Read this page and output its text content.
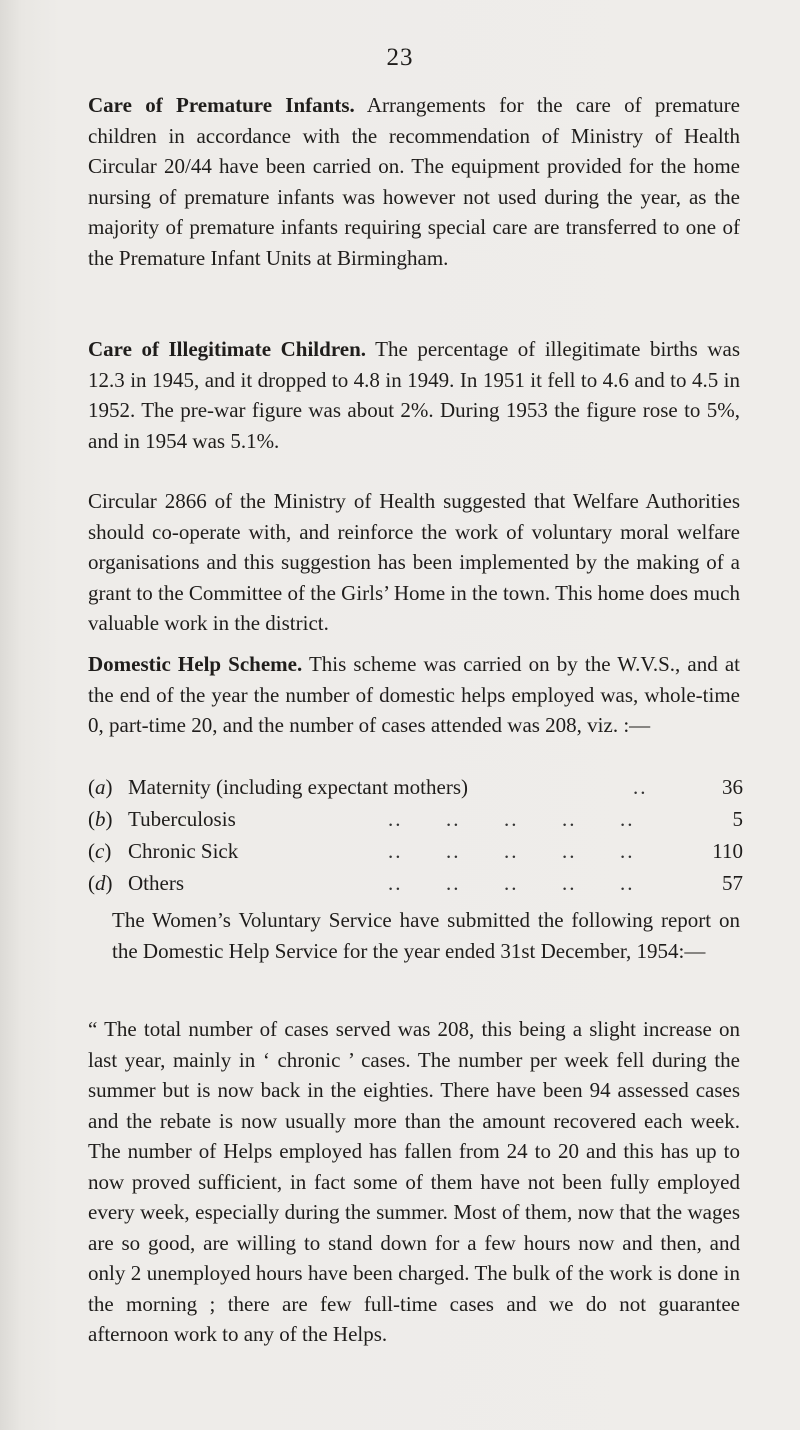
23

Care of Premature Infants. Arrangements for the care of premature children in accordance with the recommendation of Ministry of Health Circular 20/44 have been carried on. The equipment provided for the home nursing of premature infants was however not used during the year, as the majority of premature infants requiring special care are transferred to one of the Premature Infant Units at Birmingham.

Care of Illegitimate Children. The percentage of illegitimate births was 12.3 in 1945, and it dropped to 4.8 in 1949. In 1951 it fell to 4.6 and to 4.5 in 1952. The pre-war figure was about 2%. During 1953 the figure rose to 5%, and in 1954 was 5.1%.

Circular 2866 of the Ministry of Health suggested that Welfare Authorities should co-operate with, and reinforce the work of voluntary moral welfare organisations and this suggestion has been implemented by the making of a grant to the Committee of the Girls’ Home in the town. This home does much valuable work in the district.

Domestic Help Scheme. This scheme was carried on by the W.V.S., and at the end of the year the number of domestic helps employed was, whole-time 0, part-time 20, and the number of cases attended was 208, viz. :—

(a) Maternity (including expectant mothers)	..	36
(b) Tuberculosis	..      ..      ..      ..      ..	5
(c) Chronic Sick	..      ..      ..      ..      ..	110
(d) Others	..      ..      ..      ..      ..	57

The Women’s Voluntary Service have submitted the following report on the Domestic Help Service for the year ended 31st December, 1954:—

“ The total number of cases served was 208, this being a slight increase on last year, mainly in ‘ chronic ’ cases. The number per week fell during the summer but is now back in the eighties. There have been 94 assessed cases and the rebate is now usually more than the amount recovered each week. The number of Helps employed has fallen from 24 to 20 and this has up to now proved sufficient, in fact some of them have not been fully employed every week, especially during the summer. Most of them, now that the wages are so good, are willing to stand down for a few hours now and then, and only 2 unemployed hours have been charged. The bulk of the work is done in the morning ; there are few full-time cases and we do not guarantee afternoon work to any of the Helps.
